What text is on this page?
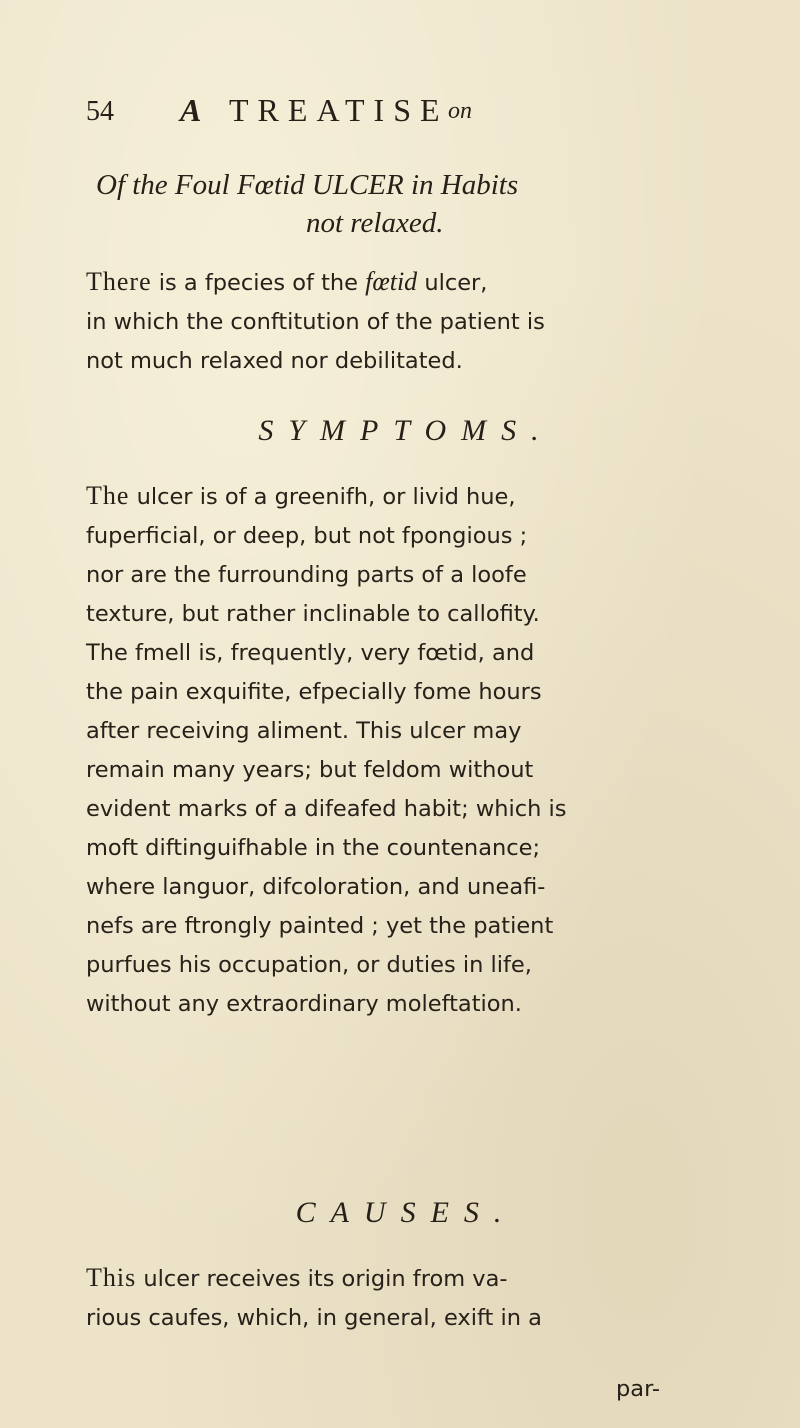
54 A TREATISE on
Of the Foul Fœtid ULCER in Habits
not relaxed.
There is a fpecies of the fœtid ulcer,
in which the conftitution of the patient is
not much relaxed nor debilitated.
SYMPTOMS.
The ulcer is of a greenifh, or livid hue,
fuperficial, or deep, but not fpongious ;
nor are the furrounding parts of a loofe
texture, but rather inclinable to callofity.
The fmell is, frequently, very fœtid, and
the pain exquifite, efpecially fome hours
after receiving aliment. This ulcer may
remain many years; but feldom without
evident marks of a difeafed habit; which is
moft diftinguifhable in the countenance;
where languor, difcoloration, and uneafi-
nefs are ftrongly painted ; yet the patient
purfues his occupation, or duties in life,
without any extraordinary moleftation.
CAUSES.
This ulcer receives its origin from va-
rious caufes, which, in general, exift in a
par-
